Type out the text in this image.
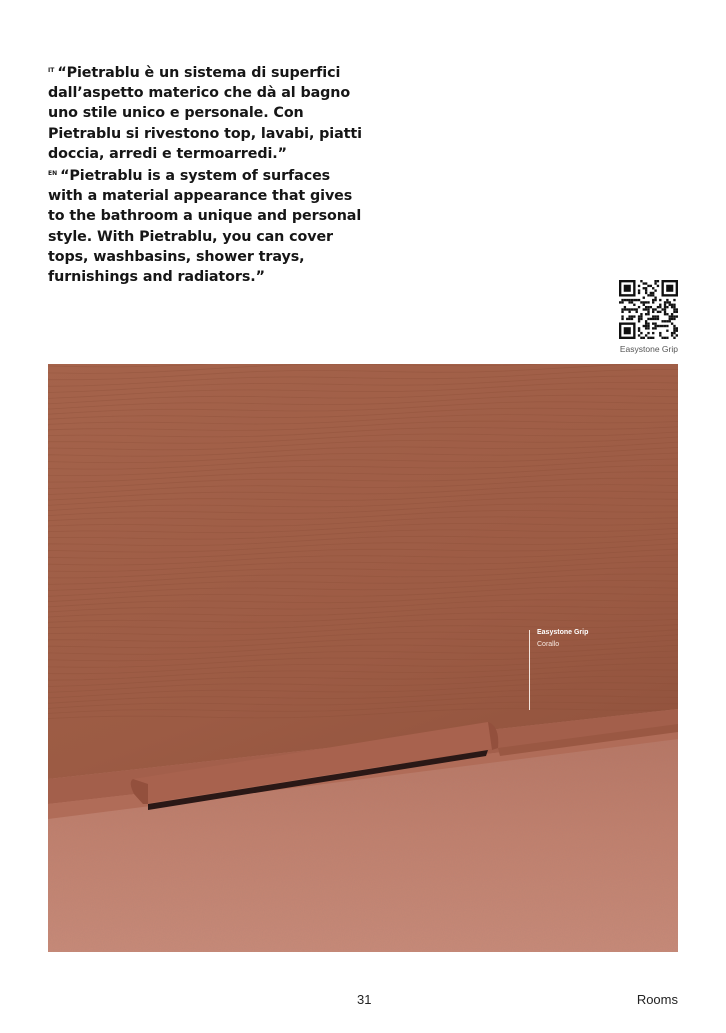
$^{IT}$ “Pietrablu è un sistema di superfici dall’aspetto materico che dà al bagno uno stile unico e personale. Con Pietrablu si rivestono top, lavabi, piatti doccia, arredi e termoarredi.”

$^{EN}$ “Pietrablu is a system of surfaces with a material appearance that gives to the bathroom a unique and personal style. With Pietrablu, you can cover tops, washbasins, shower trays, furnishings and radiators.”

Easystone Grip
Easystone Grip
Corallo
31	Rooms
